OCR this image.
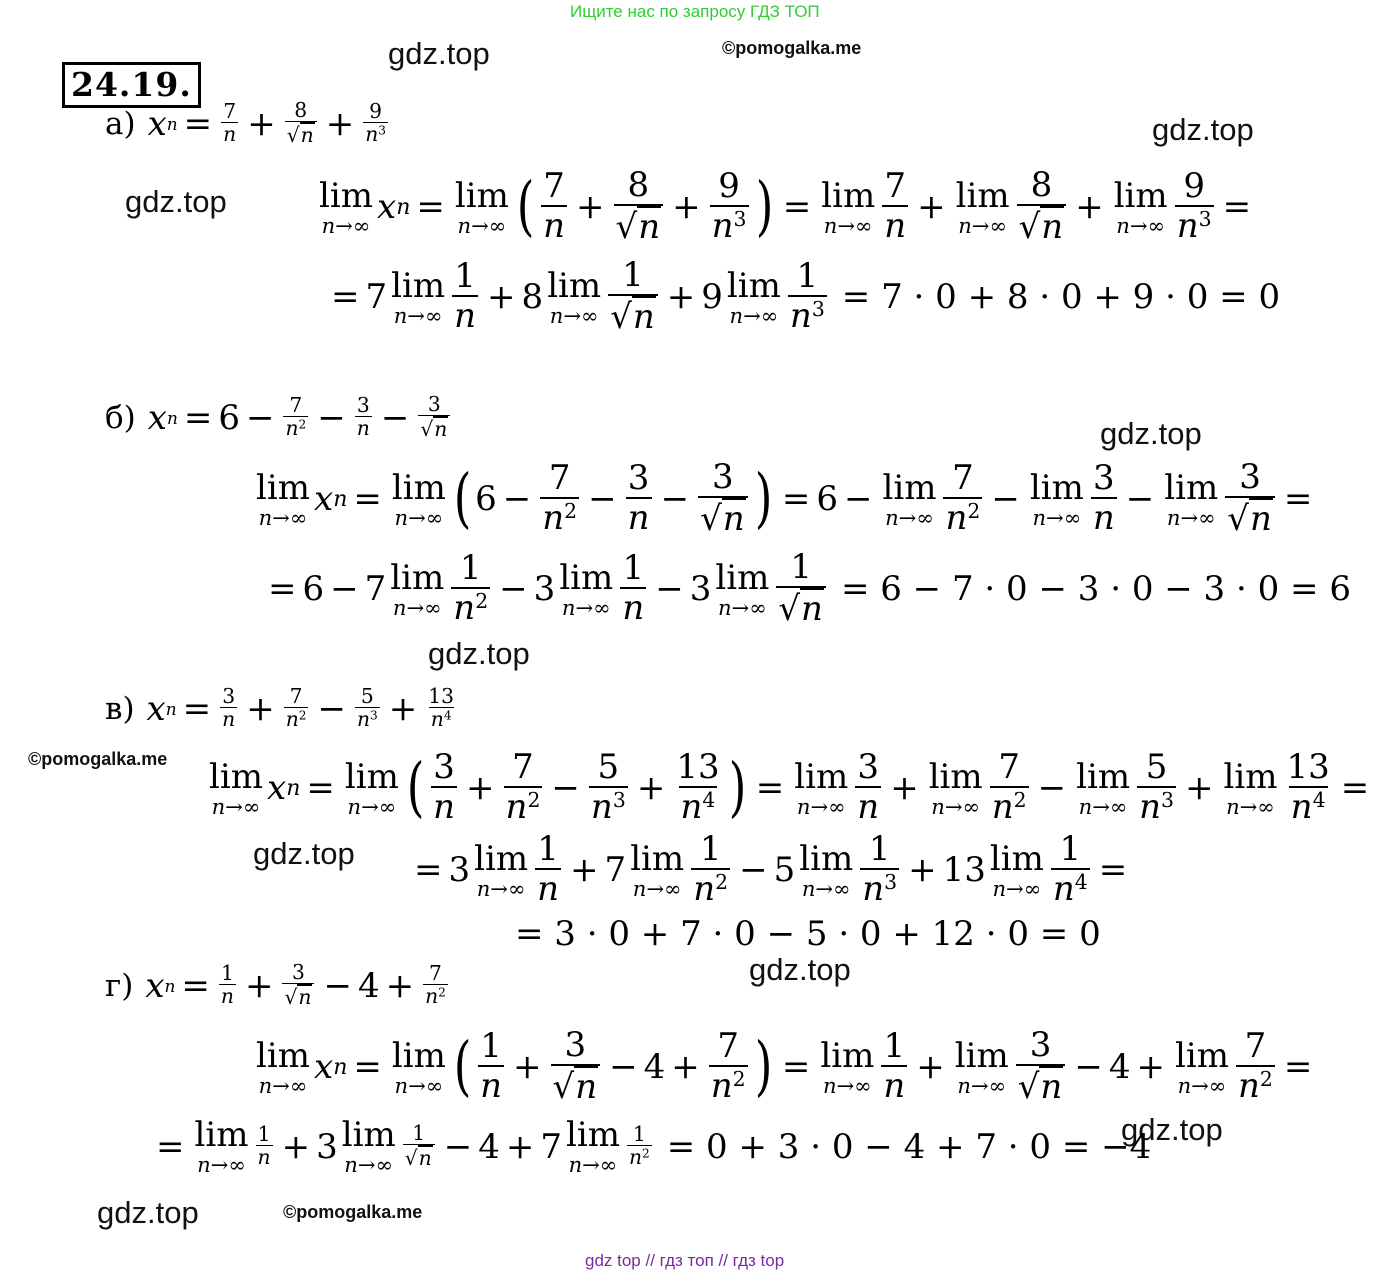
Ищите нас по запросу ГДЗ ТОП
24.19.
gdz.top	©pomogalka.me
gdz.top
gdz.top
gdz.top
gdz.top
©pomogalka.me
gdz.top
gdz.top
gdz.top
gdz.top	©pomogalka.me
gdz top // гдз топ // гдз top
а) x $n = \frac{7}{n} + \frac{8}{√ n} + \frac{9}{n^3}$
lim
n→∞ x n = lim
n→∞ ( $\frac{7}{n} + \frac{8}{√ n} + \frac{9}{n^3}$ ) = lim
$n\to\infty \frac{7}{n} + \lim$
$n\to\infty \frac{8}{√ n} + \lim$
$n\to\infty \frac{9}{n^3}$ =
= 7 lim
$n\to\infty \frac{1}{n} + 8$ lim
$n\to\infty \frac{1}{√ n} + 9$ lim
$n\to\infty \frac{1}{n^3} = 7 \cdot 0 + 8 \cdot 0 + 9 \cdot 0 = 0$
б) x $n = 6 - \frac{7}{n^2} - \frac{3}{n} - \frac{3}{√ n}$
lim
n→∞ x n = lim
n→∞ ( $6 - \frac{7}{n^2} - \frac{3}{n} - \frac{3}{√ n}$ ) = 6 − lim
$n\to\infty \frac{7}{n^2} - \lim$
$n\to\infty \frac{3}{n} - \lim$
$n\to\infty \frac{3}{√ n}$ =
= 6 − 7 lim
$n\to\infty \frac{1}{n^2} - 3$ lim
$n\to\infty \frac{1}{n} - 3$ lim
$n\to\infty \frac{1}{√ n} = 6 - 7 \cdot 0 - 3 \cdot 0 - 3 \cdot 0 = 6$
в) x $n = \frac{3}{n} + \frac{7}{n^2} - \frac{5}{n^3} + \frac{13}{n^4}$
lim
n→∞ x n = lim
n→∞ ( $\frac{3}{n} + \frac{7}{n^2} - \frac{5}{n^3} + \frac{13}{n^4}$ ) = lim
$n\to\infty \frac{3}{n} + \lim$
$n\to\infty \frac{7}{n^2} - \lim$
$n\to\infty \frac{5}{n^3} + \lim$
$n\to\infty \frac{13}{n^4}$ =
= 3 lim
$n\to\infty \frac{1}{n} + 7$ lim
$n\to\infty \frac{1}{n^2} - 5$ lim
$n\to\infty \frac{1}{n^3} + 13$ lim
$n\to\infty \frac{1}{n^4}$ =
= 3 · 0 + 7 · 0 − 5 · 0 + 12 · 0 = 0
г) x $n = \frac{1}{n} + \frac{3}{√ n} - 4 + \frac{7}{n^2}$
lim
n→∞ x n = lim
n→∞ ( $\frac{1}{n} + \frac{3}{√ n} - 4 + \frac{7}{n^2}$ ) = lim
$n\to\infty \frac{1}{n} + \lim$
$n\to\infty \frac{3}{√ n} - 4 + \lim$
$n\to\infty \frac{7}{n^2}$ =
= lim
$n\to\infty \frac{1}{n} + 3$ lim
$n\to\infty \frac{1}{√ n} - 4 + 7$ lim
$n\to\infty \frac{1}{n^2} = 0 + 3 \cdot 0 - 4 + 7 \cdot 0 = -4$
